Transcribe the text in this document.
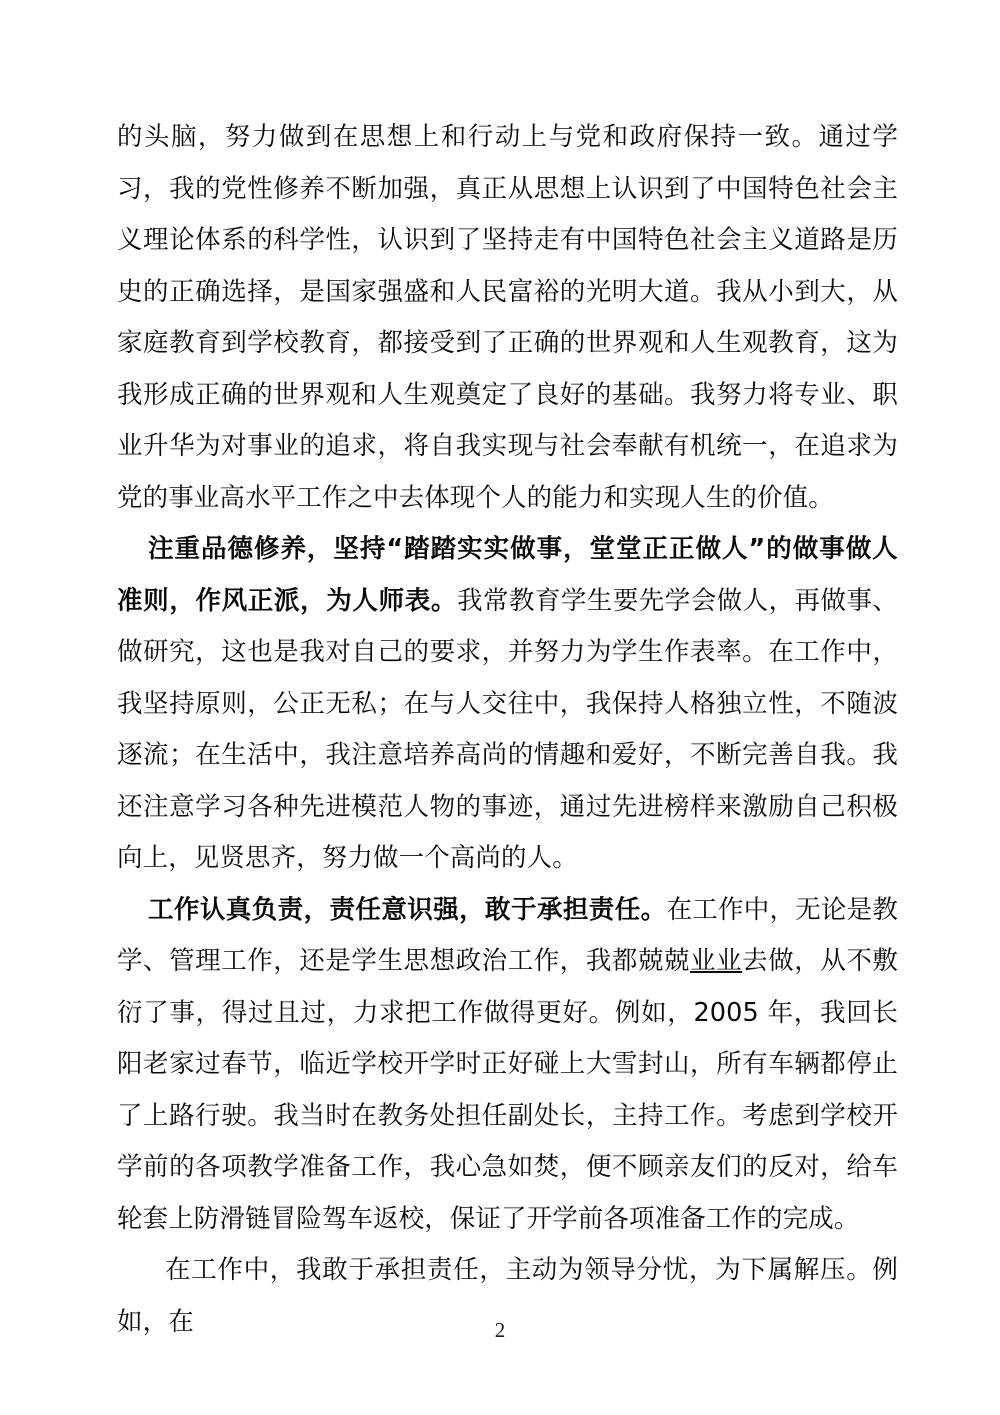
的头脑，努力做到在思想上和行动上与党和政府保持一致。通过学习，我的党性修养不断加强，真正从思想上认识到了中国特色社会主义理论体系的科学性，认识到了坚持走有中国特色社会主义道路是历史的正确选择，是国家强盛和人民富裕的光明大道。我从小到大，从家庭教育到学校教育，都接受到了正确的世界观和人生观教育，这为我形成正确的世界观和人生观奠定了良好的基础。我努力将专业、职业升华为对事业的追求，将自我实现与社会奉献有机统一，在追求为党的事业高水平工作之中去体现个人的能力和实现人生的价值。

注重品德修养，坚持“踏踏实实做事，堂堂正正做人”的做事做人准则，作风正派，为人师表。我常教育学生要先学会做人，再做事、做研究，这也是我对自己的要求，并努力为学生作表率。在工作中，我坚持原则，公正无私；在与人交往中，我保持人格独立性，不随波逐流；在生活中，我注意培养高尚的情趣和爱好，不断完善自我。我还注意学习各种先进模范人物的事迹，通过先进榜样来激励自己积极向上，见贤思齐，努力做一个高尚的人。

工作认真负责，责任意识强，敢于承担责任。在工作中，无论是教学、管理工作，还是学生思想政治工作，我都兢兢业业去做，从不敷衍了事，得过且过，力求把工作做得更好。例如，2005 年，我回长阳老家过春节，临近学校开学时正好碰上大雪封山，所有车辆都停止了上路行驶。我当时在教务处担任副处长，主持工作。考虑到学校开学前的各项教学准备工作，我心急如焚，便不顾亲友们的反对，给车轮套上防滑链冒险驾车返校，保证了开学前各项准备工作的完成。

在工作中，我敢于承担责任，主动为领导分忧，为下属解压。例如，在	2
